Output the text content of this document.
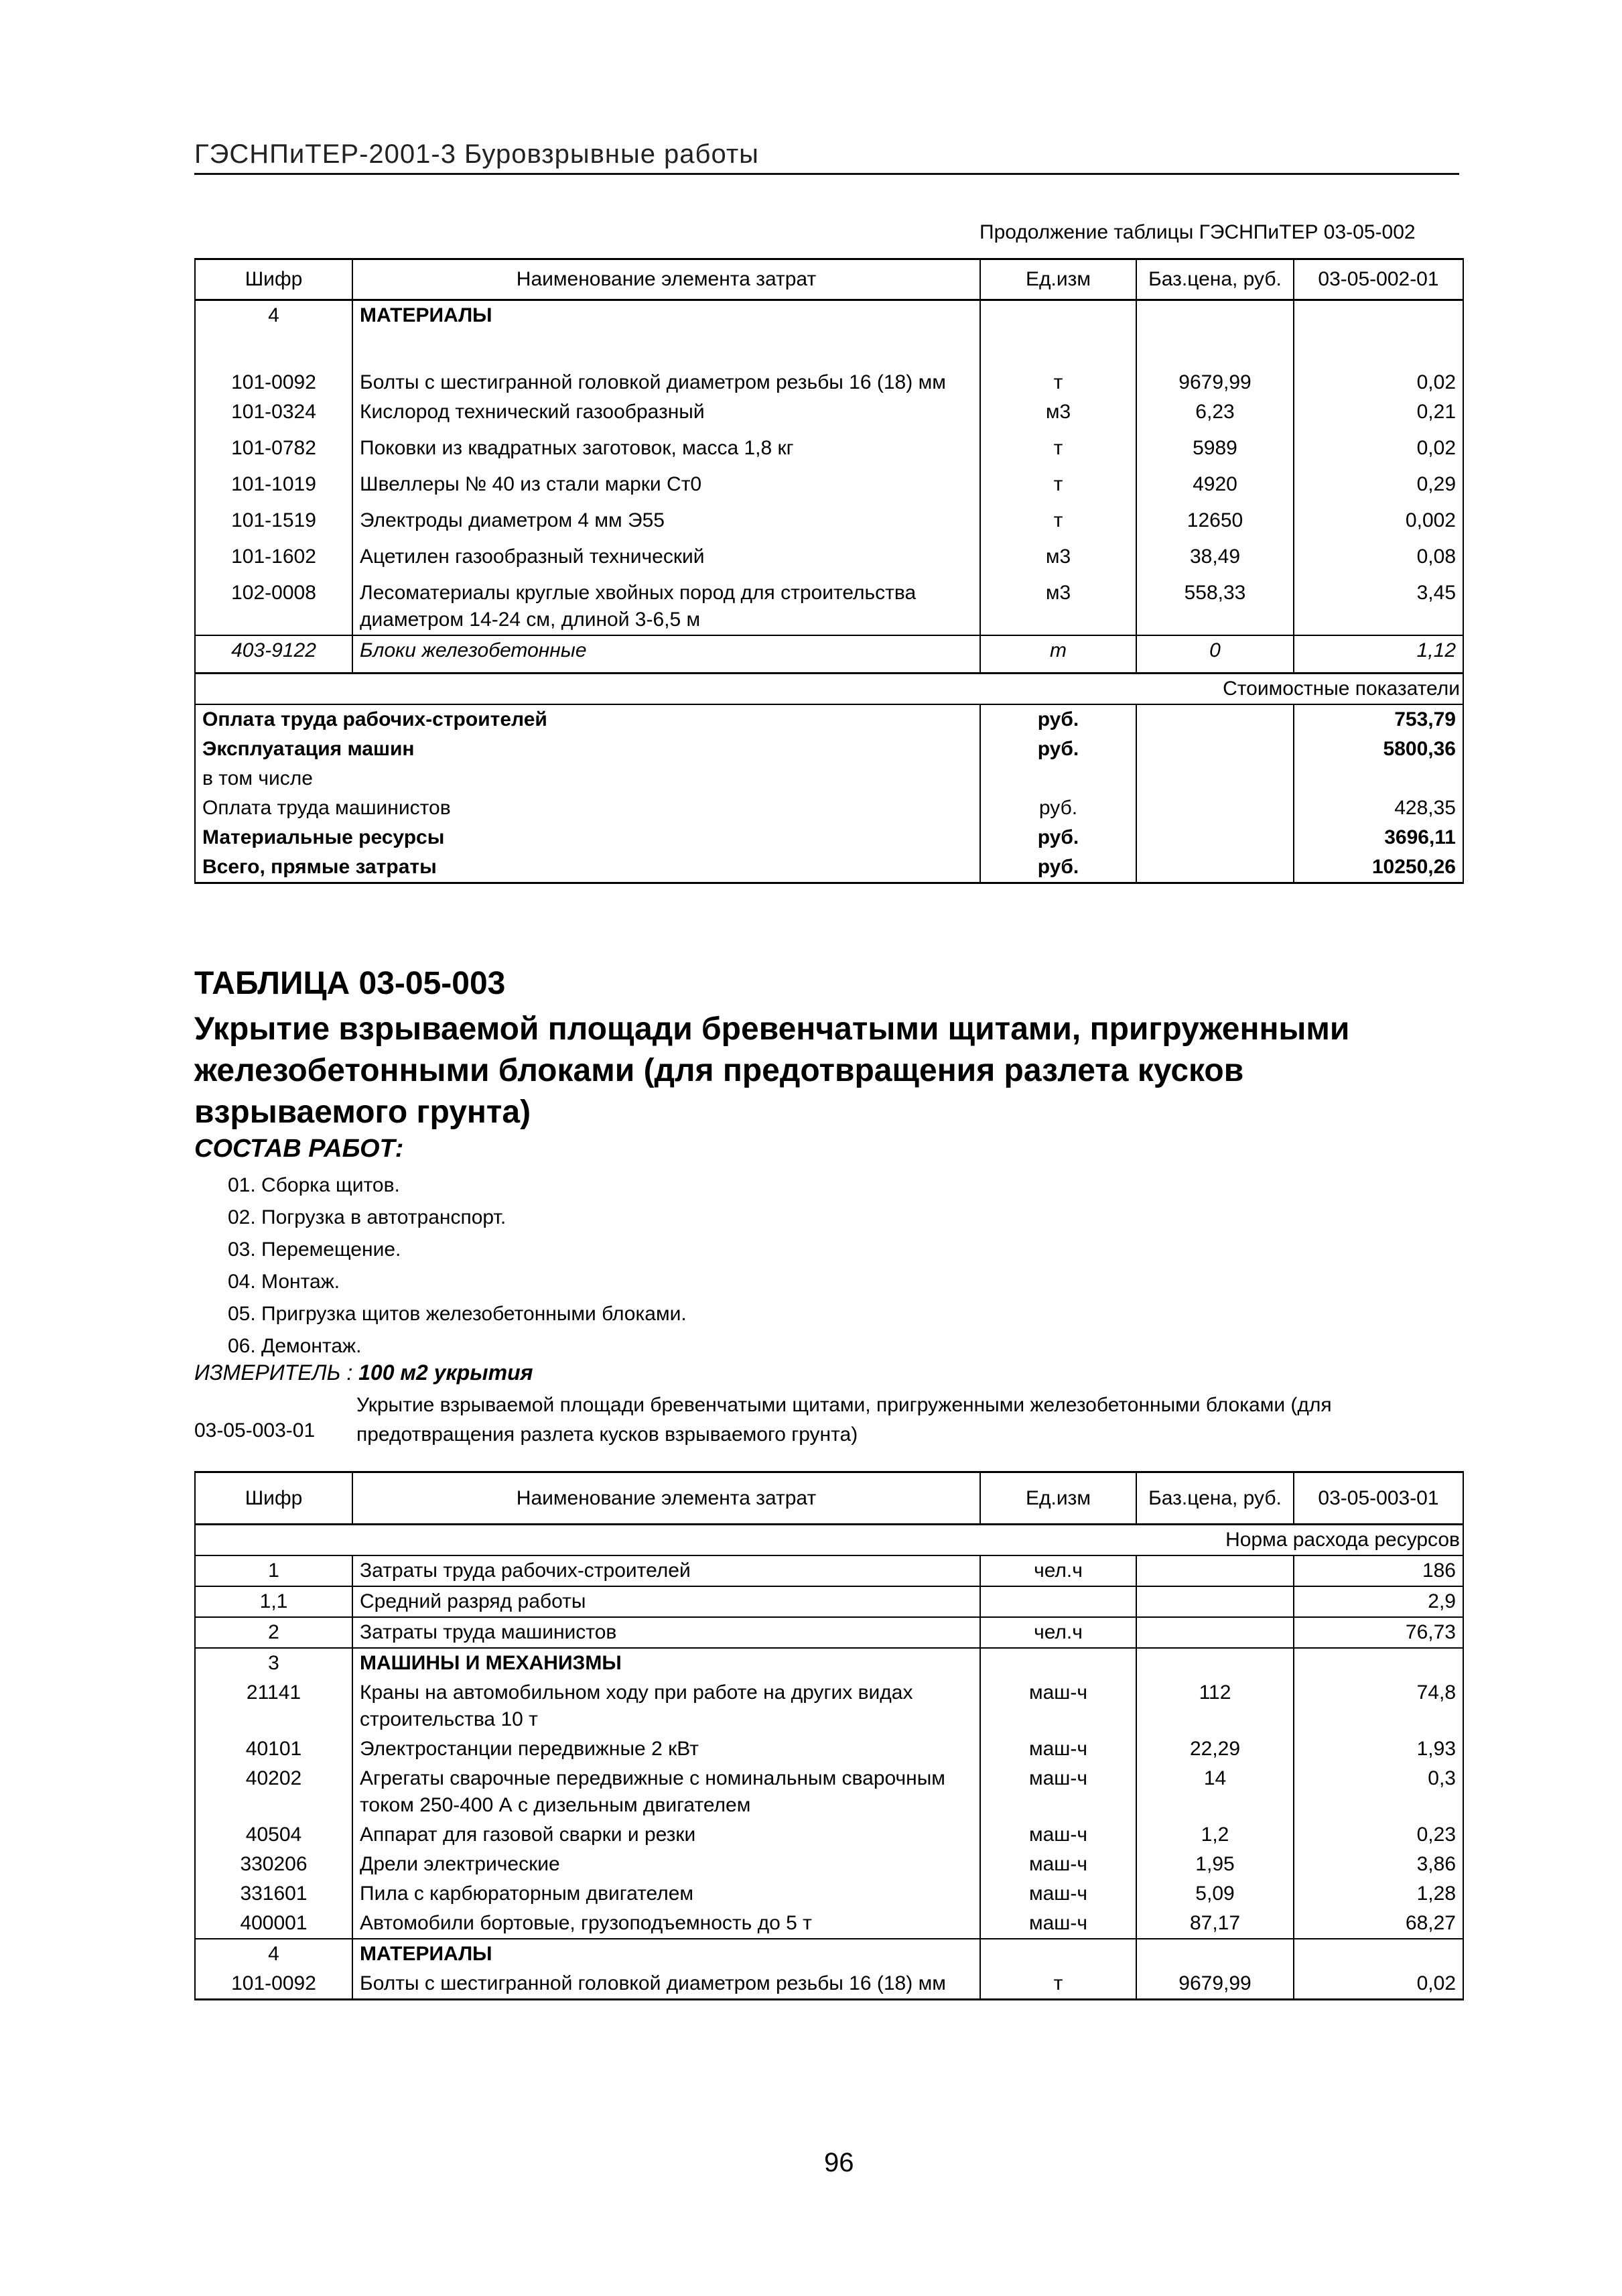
ГЭСНПиТЕР-2001-3 Буровзрывные работы
Продолжение таблицы ГЭСНПиТЕР 03-05-002
Шифр	Наименование элемента затрат	Ед.изм	Баз.цена, руб.	03-05-002-01
4	МАТЕРИАЛЫ			

101-0092	Болты с шестигранной головкой диаметром резьбы 16 (18) мм	т	9679,99	0,02
101-0324	Кислород технический газообразный	м3	6,23	0,21
101-0782	Поковки из квадратных заготовок, масса 1,8 кг	т	5989	0,02
101-1019	Швеллеры № 40 из стали марки Ст0	т	4920	0,29
101-1519	Электроды диаметром 4 мм Э55	т	12650	0,002
101-1602	Ацетилен газообразный технический	м3	38,49	0,08
102-0008	Лесоматериалы круглые хвойных пород для строительства диаметром 14-24 см, длиной 3-6,5 м	м3	558,33	3,45
403-9122	Блоки железобетонные	т	0	1,12
Стоимостные показатели				
Оплата труда рабочих-строителей		руб.		753,79
Эксплуатация машин		руб.		5800,36
в том числе				
Оплата труда машинистов		руб.		428,35
Материальные ресурсы		руб.		3696,11
Всего, прямые затраты		руб.		10250,26
ТАБЛИЦА 03-05-003
Укрытие взрываемой площади бревенчатыми щитами, пригруженными железобетонными блоками (для предотвращения разлета кусков взрываемого грунта)
СОСТАВ РАБОТ:
01. Сборка щитов.
02. Погрузка в автотранспорт.
03. Перемещение.
04. Монтаж.
05. Пригрузка щитов железобетонными блоками.
06. Демонтаж.
ИЗМЕРИТЕЛЬ : 100 м2 укрытия
03-05-003-01
Укрытие взрываемой площади бревенчатыми щитами, пригруженными железобетонными блоками (для предотвращения разлета кусков взрываемого грунта)
Шифр	Наименование элемента затрат	Ед.изм	Баз.цена, руб.	03-05-003-01
Норма расхода ресурсов				
1	Затраты труда рабочих-строителей	чел.ч		186
1,1	Средний разряд работы			2,9
2	Затраты труда машинистов	чел.ч		76,73
3	МАШИНЫ И МЕХАНИЗМЫ			
21141	Краны на автомобильном ходу при работе на других видах строительства 10 т	маш-ч	112	74,8
40101	Электростанции передвижные 2 кВт	маш-ч	22,29	1,93
40202	Агрегаты сварочные передвижные с номинальным сварочным током 250-400 А с дизельным двигателем	маш-ч	14	0,3
40504	Аппарат для газовой сварки и резки	маш-ч	1,2	0,23
330206	Дрели электрические	маш-ч	1,95	3,86
331601	Пила с карбюраторным двигателем	маш-ч	5,09	1,28
400001	Автомобили бортовые, грузоподъемность до 5 т	маш-ч	87,17	68,27
4	МАТЕРИАЛЫ			
101-0092	Болты с шестигранной головкой диаметром резьбы 16 (18) мм	т	9679,99	0,02
96
